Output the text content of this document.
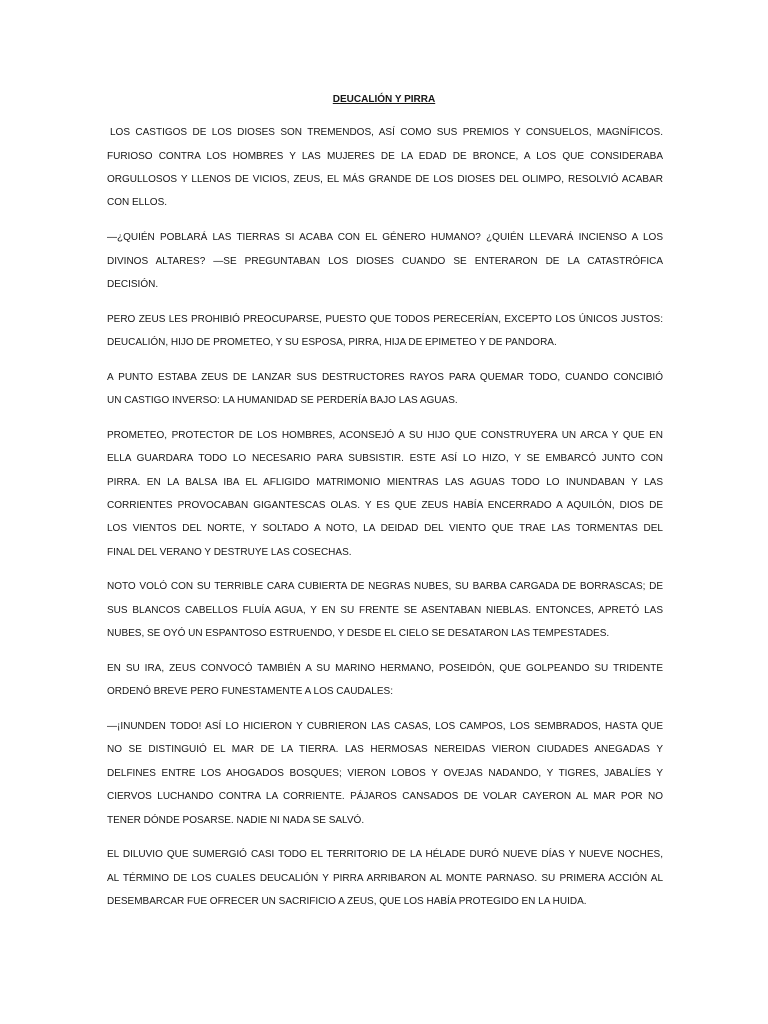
DEUCALIÓN Y PIRRA
LOS CASTIGOS DE LOS DIOSES SON TREMENDOS, ASÍ COMO SUS PREMIOS Y CONSUELOS, MAGNÍFICOS.
FURIOSO CONTRA LOS HOMBRES Y LAS MUJERES DE LA EDAD DE BRONCE, A LOS QUE CONSIDERABA
ORGULLOSOS Y LLENOS DE VICIOS, ZEUS, EL MÁS GRANDE DE LOS DIOSES DEL OLIMPO, RESOLVIÓ ACABAR
CON ELLOS.
—¿QUIÉN POBLARÁ LAS TIERRAS SI ACABA CON EL GÉNERO HUMANO? ¿QUIÉN LLEVARÁ INCIENSO A LOS
DIVINOS ALTARES? —SE PREGUNTABAN LOS DIOSES CUANDO SE ENTERARON DE LA CATASTRÓFICA
DECISIÓN.
PERO ZEUS LES PROHIBIÓ PREOCUPARSE, PUESTO QUE TODOS PERECERÍAN, EXCEPTO LOS ÚNICOS JUSTOS:
DEUCALIÓN, HIJO DE PROMETEO, Y SU ESPOSA, PIRRA, HIJA DE EPIMETEO Y DE PANDORA.
A PUNTO ESTABA ZEUS DE LANZAR SUS DESTRUCTORES RAYOS PARA QUEMAR TODO, CUANDO CONCIBIÓ
UN CASTIGO INVERSO: LA HUMANIDAD SE PERDERÍA BAJO LAS AGUAS.
PROMETEO, PROTECTOR DE LOS HOMBRES, ACONSEJÓ A SU HIJO QUE CONSTRUYERA UN ARCA Y QUE EN
ELLA GUARDARA TODO LO NECESARIO PARA SUBSISTIR. ESTE ASÍ LO HIZO, Y SE EMBARCÓ JUNTO CON
PIRRA. EN LA BALSA IBA EL AFLIGIDO MATRIMONIO MIENTRAS LAS AGUAS TODO LO INUNDABAN Y LAS
CORRIENTES PROVOCABAN GIGANTESCAS OLAS. Y ES QUE ZEUS HABÍA ENCERRADO A AQUILÓN, DIOS DE
LOS VIENTOS DEL NORTE, Y SOLTADO A NOTO, LA DEIDAD DEL VIENTO QUE TRAE LAS TORMENTAS DEL
FINAL DEL VERANO Y DESTRUYE LAS COSECHAS.
NOTO VOLÓ CON SU TERRIBLE CARA CUBIERTA DE NEGRAS NUBES, SU BARBA CARGADA DE BORRASCAS; DE
SUS BLANCOS CABELLOS FLUÍA AGUA, Y EN SU FRENTE SE ASENTABAN NIEBLAS. ENTONCES, APRETÓ LAS
NUBES, SE OYÓ UN ESPANTOSO ESTRUENDO, Y DESDE EL CIELO SE DESATARON LAS TEMPESTADES.
EN SU IRA, ZEUS CONVOCÓ TAMBIÉN A SU MARINO HERMANO, POSEIDÓN, QUE GOLPEANDO SU TRIDENTE
ORDENÓ BREVE PERO FUNESTAMENTE A LOS CAUDALES:
—¡INUNDEN TODO! ASÍ LO HICIERON Y CUBRIERON LAS CASAS, LOS CAMPOS, LOS SEMBRADOS, HASTA QUE
NO SE DISTINGUIÓ EL MAR DE LA TIERRA. LAS HERMOSAS NEREIDAS VIERON CIUDADES ANEGADAS Y
DELFINES ENTRE LOS AHOGADOS BOSQUES; VIERON LOBOS Y OVEJAS NADANDO, Y TIGRES, JABALÍES Y
CIERVOS LUCHANDO CONTRA LA CORRIENTE. PÁJAROS CANSADOS DE VOLAR CAYERON AL MAR POR NO
TENER DÓNDE POSARSE. NADIE NI NADA SE SALVÓ.
EL DILUVIO QUE SUMERGIÓ CASI TODO EL TERRITORIO DE LA HÉLADE DURÓ NUEVE DÍAS Y NUEVE NOCHES,
AL TÉRMINO DE LOS CUALES DEUCALIÓN Y PIRRA ARRIBARON AL MONTE PARNASO. SU PRIMERA ACCIÓN AL
DESEMBARCAR FUE OFRECER UN SACRIFICIO A ZEUS, QUE LOS HABÍA PROTEGIDO EN LA HUIDA.
